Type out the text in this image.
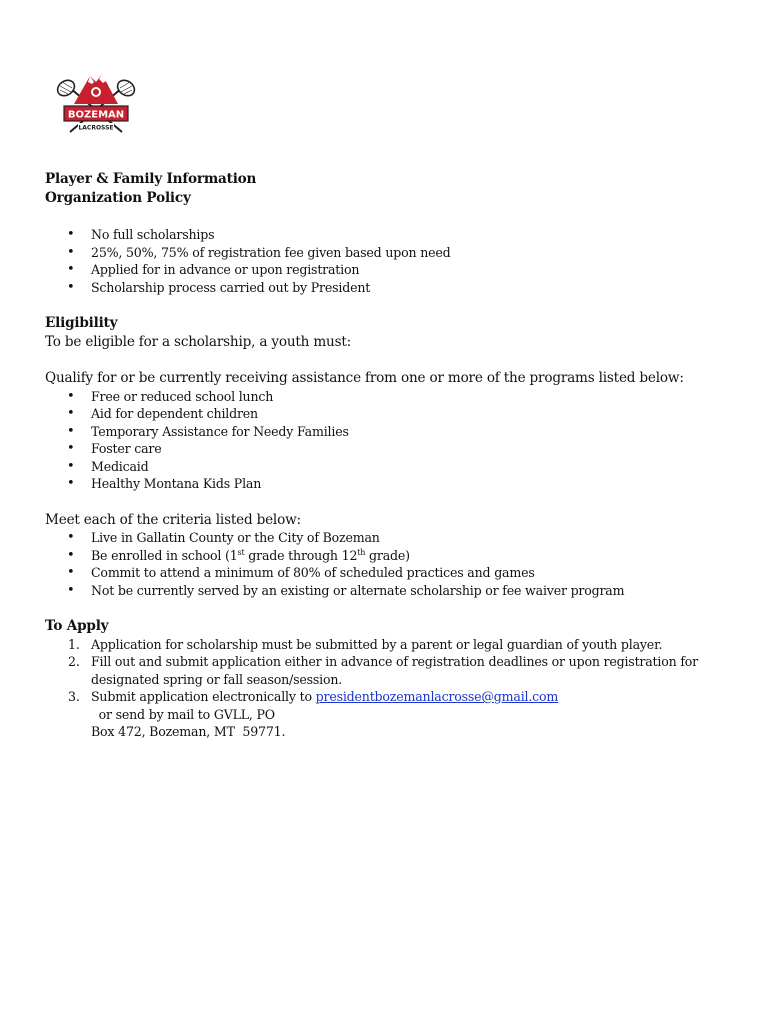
BOZEMAN
LACROSSE
Player & Family Information
Organization Policy
• No full scholarships
• 25%, 50%, 75% of registration fee given based upon need
• Applied for in advance or upon registration
• Scholarship process carried out by President
Eligibility
To be eligible for a scholarship, a youth must:
Qualify for or be currently receiving assistance from one or more of the programs listed below:
• Free or reduced school lunch
• Aid for dependent children
• Temporary Assistance for Needy Families
• Foster care
• Medicaid
• Healthy Montana Kids Plan
Meet each of the criteria listed below:
• Live in Gallatin County or the City of Bozeman
• Be enrolled in school (1st grade through 12th grade)
• Commit to attend a minimum of 80% of scheduled practices and games
• Not be currently served by an existing or alternate scholarship or fee waiver program
To Apply
1. Application for scholarship must be submitted by a parent or legal guardian of youth player.
2. Fill out and submit application either in advance of registration deadlines or upon registration for
designated spring or fall season/session.
3. Submit application electronically to presidentbozemanlacrosse@gmail.com  or send by mail to GVLL, PO
Box 472, Bozeman, MT  59771.
